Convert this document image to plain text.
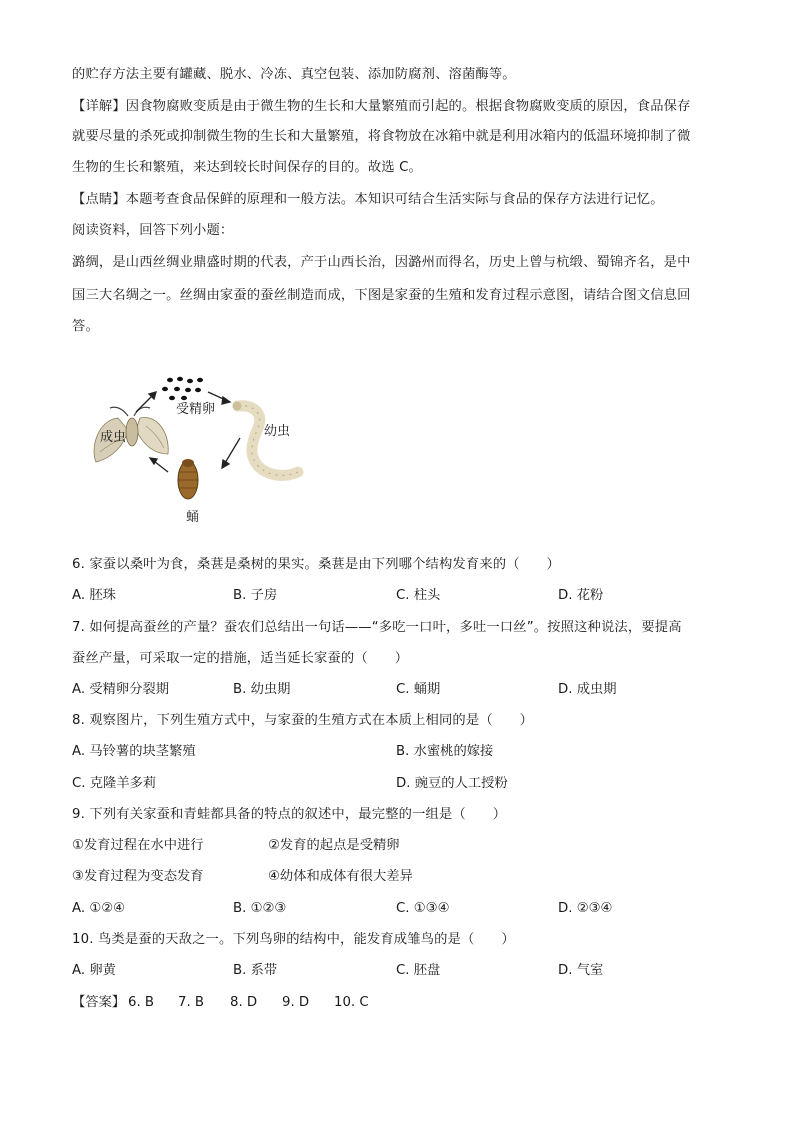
的贮存方法主要有罐藏、脱水、冷冻、真空包装、添加防腐剂、溶菌酶等。
【详解】因食物腐败变质是由于微生物的生长和大量繁殖而引起的。根据食物腐败变质的原因，食品保存
就要尽量的杀死或抑制微生物的生长和大量繁殖，将食物放在冰箱中就是利用冰箱内的低温环境抑制了微
生物的生长和繁殖，来达到较长时间保存的目的。故选 C。
【点睛】本题考查食品保鲜的原理和一般方法。本知识可结合生活实际与食品的保存方法进行记忆。
阅读资料，回答下列小题：
潞绸，是山西丝绸业鼎盛时期的代表，产于山西长治，因潞州而得名，历史上曾与杭缎、蜀锦齐名，是中
国三大名绸之一。丝绸由家蚕的蚕丝制造而成，下图是家蚕的生殖和发育过程示意图，请结合图文信息回
答。
受精卵
幼虫
蛹
成虫
6. 家蚕以桑叶为食，桑葚是桑树的果实。桑葚是由下列哪个结构发育来的（　　）
A. 胚珠	B. 子房	C. 柱头	D. 花粉
7. 如何提高蚕丝的产量？蚕农们总结出一句话——“多吃一口叶，多吐一口丝”。按照这种说法，要提高
蚕丝产量，可采取一定的措施，适当延长家蚕的（　　）
A. 受精卵分裂期	B. 幼虫期	C. 蛹期	D. 成虫期
8. 观察图片，下列生殖方式中，与家蚕的生殖方式在本质上相同的是（　　）
A. 马铃薯的块茎繁殖	B. 水蜜桃的嫁接
C. 克隆羊多莉	D. 豌豆的人工授粉
9. 下列有关家蚕和青蛙都具备的特点的叙述中，最完整的一组是（　　）
①发育过程在水中进行	②发育的起点是受精卵
③发育过程为变态发育	④幼体和成体有很大差异
A. ①②④	B. ①②③	C. ①③④	D. ②③④
10. 鸟类是蚕的天敌之一。下列鸟卵的结构中，能发育成雏鸟的是（　　）
A. 卵黄	B. 系带	C. 胚盘	D. 气室
【答案】 6. B 7. B 8. D 9. D 10. C
